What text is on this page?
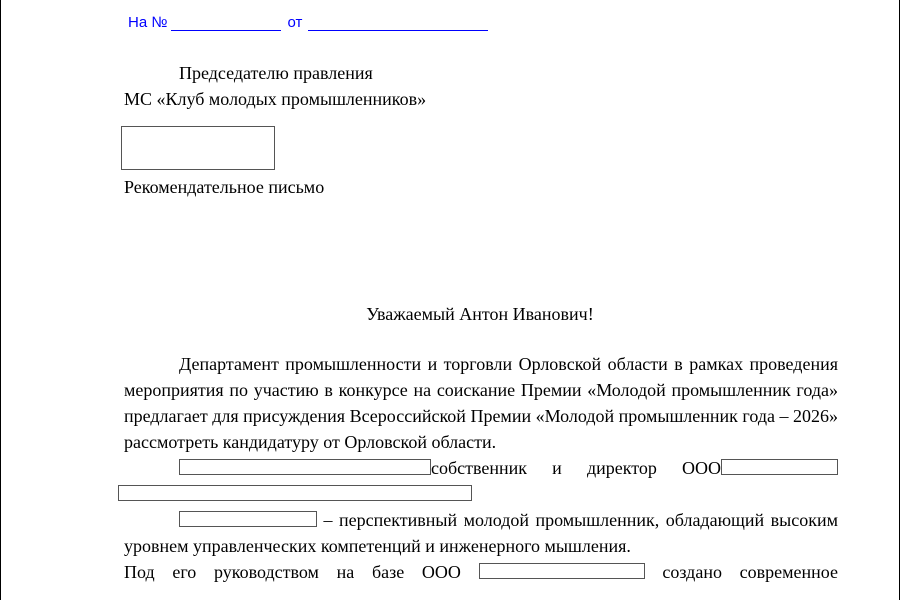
На №	от
Председателю правления
МС «Клуб молодых промышленников»
Рекомендательное письмо
Уважаемый Антон Иванович!

Департамент промышленности и торговли Орловской области в рамках проведения мероприятия по участию в конкурсе на соискание Премии «Молодой промышленник года» предлагает для присуждения Всероссийской Премии «Молодой промышленник года – 2026» рассмотреть кандидатуру от Орловской области.

собственник и директор ООО

– перспективный молодой промышленник, обладающий высоким уровнем управленческих компетенций и инженерного мышления.

Под его руководством на базе ООО	создано современное
